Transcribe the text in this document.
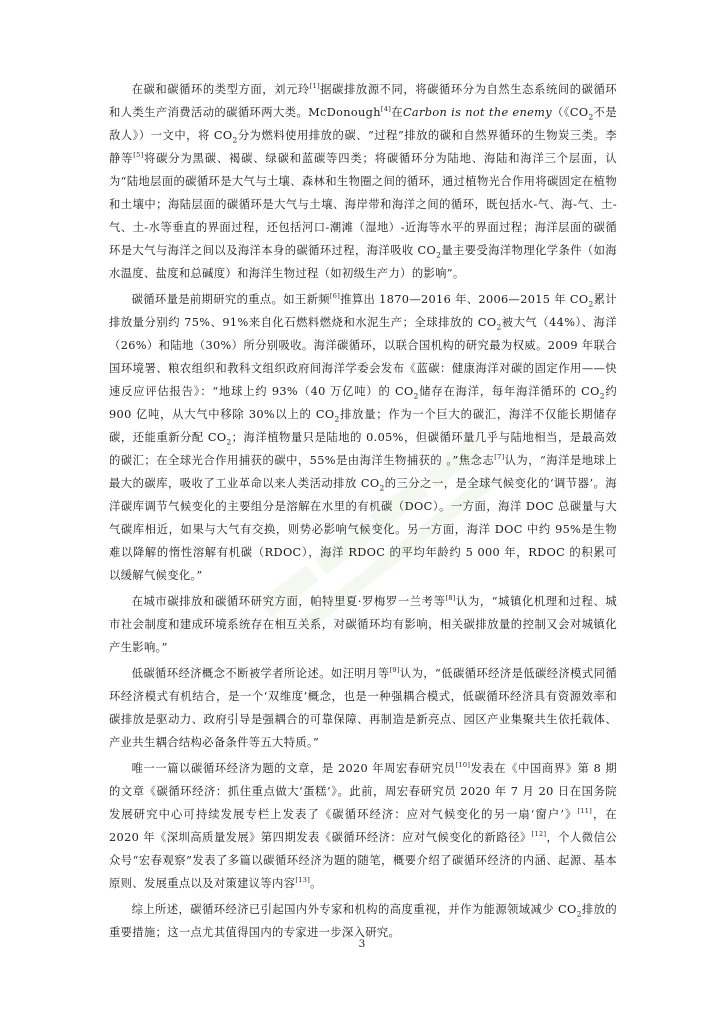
在碳和碳循环的类型方面，刘元玲[1]据碳排放源不同，将碳循环分为自然生态系统间的碳循环和人类生产消费活动的碳循环两大类。McDonough[4]在Carbon is not the enemy（《$CO_2$不是敌人》）一文中，将 $CO_2$分为燃料使用排放的碳、“过程”排放的碳和自然界循环的生物炭三类。李静等[5]将碳分为黑碳、褐碳、绿碳和蓝碳等四类；将碳循环分为陆地、海陆和海洋三个层面，认为“陆地层面的碳循环是大气与土壤、森林和生物圈之间的循环，通过植物光合作用将碳固定在植物和土壤中；海陆层面的碳循环是大气与土壤、海岸带和海洋之间的循环，既包括水-气、海-气、土-气、土-水等垂直的界面过程，还包括河口-潮滩（湿地）-近海等水平的界面过程；海洋层面的碳循环是大气与海洋之间以及海洋本身的碳循环过程，海洋吸收 $CO_2$量主要受海洋物理化学条件（如海水温度、盐度和总碱度）和海洋生物过程（如初级生产力）的影响”。

碳循环量是前期研究的重点。如王新频[6]推算出 1870—2016 年、2006—2015 年 $CO_2$累计排放量分别约 75%、91%来自化石燃料燃烧和水泥生产；全球排放的 $CO_2$被大气（44%）、海洋（26%）和陆地（30%）所分别吸收。海洋碳循环，以联合国机构的研究最为权威。2009 年联合国环境署、粮农组织和教科文组织政府间海洋学委会发布《蓝碳：健康海洋对碳的固定作用——快速反应评估报告》：“地球上约 93%（40 万亿吨）的 $CO_2$储存在海洋，每年海洋循环的 $CO_2$约 900 亿吨，从大气中移除 30%以上的 $CO_2$排放量；作为一个巨大的碳汇，海洋不仅能长期储存碳，还能重新分配 $CO_2$；海洋植物量只是陆地的 0.05%，但碳循环量几乎与陆地相当，是最高效的碳汇；在全球光合作用捕获的碳中，55%是由海洋生物捕获的 。”焦念志[7]认为，“海洋是地球上最大的碳库，吸收了工业革命以来人类活动排放 $CO_2$的三分之一，是全球气候变化的‘调节器’。海洋碳库调节气候变化的主要组分是溶解在水里的有机碳（DOC）。一方面，海洋 DOC 总碳量与大气碳库相近，如果与大气有交换，则势必影响气候变化。另一方面，海洋 DOC 中约 95%是生物难以降解的惰性溶解有机碳（RDOC），海洋 RDOC 的平均年龄约 5 000 年，RDOC 的积累可以缓解气候变化。”

在城市碳排放和碳循环研究方面，帕特里夏·罗梅罗一兰考等[8]认为，“城镇化机理和过程、城市社会制度和建成环境系统存在相互关系，对碳循环均有影响，相关碳排放量的控制又会对城镇化产生影响。”

低碳循环经济概念不断被学者所论述。如汪明月等[9]认为，“低碳循环经济是低碳经济模式同循环经济模式有机结合，是一个‘双维度’概念，也是一种强耦合模式，低碳循环经济具有资源效率和碳排放是驱动力、政府引导是强耦合的可靠保障、再制造是新亮点、园区产业集聚共生依托载体、产业共生耦合结构必备条件等五大特质。”

唯一一篇以碳循环经济为题的文章，是 2020 年周宏春研究员[10]发表在《中国商界》第 8 期的文章《碳循环经济：抓住重点做大‘蛋糕’》。此前，周宏春研究员 2020 年 7 月 20 日在国务院发展研究中心可持续发展专栏上发表了《碳循环经济：应对气候变化的另一扇‘窗户’》[11]，在 2020 年《深圳高质量发展》第四期发表《碳循环经济：应对气候变化的新路径》[12]，个人微信公众号“宏春观察”发表了多篇以碳循环经济为题的随笔，概要介绍了碳循环经济的内涵、起源、基本原则、发展重点以及对策建议等内容[13]。

综上所述，碳循环经济已引起国内外专家和机构的高度重视，并作为能源领域减少 $CO_2$排放的重要措施；这一点尤其值得国内的专家进一步深入研究。

3
